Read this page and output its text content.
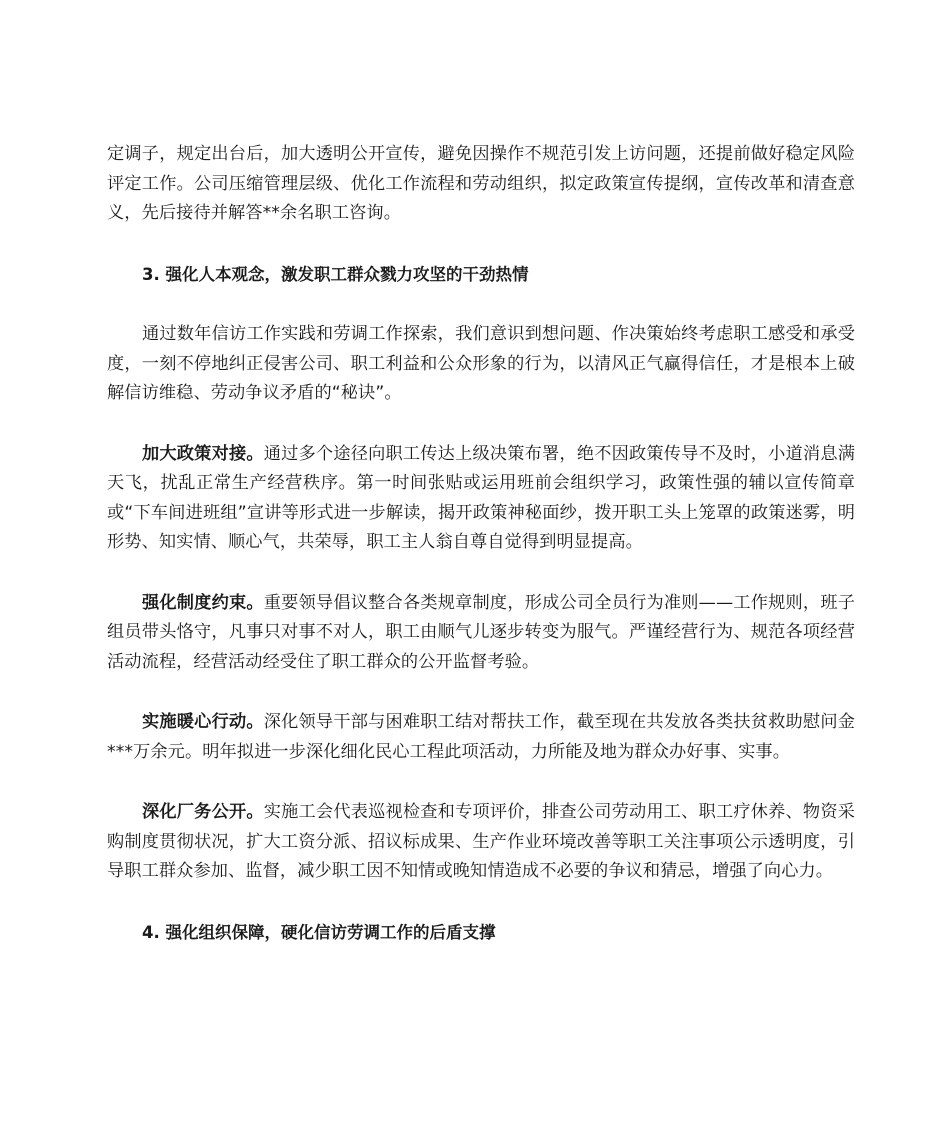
定调子，规定出台后，加大透明公开宣传，避免因操作不规范引发上访问题，还提前做好稳定风险评定工作。公司压缩管理层级、优化工作流程和劳动组织，拟定政策宣传提纲，宣传改革和清查意义，先后接待并解答**余名职工咨询。

3. 强化人本观念，激发职工群众戮力攻坚的干劲热情

通过数年信访工作实践和劳调工作探索，我们意识到想问题、作决策始终考虑职工感受和承受度，一刻不停地纠正侵害公司、职工利益和公众形象的行为，以清风正气赢得信任，才是根本上破解信访维稳、劳动争议矛盾的“秘诀”。

加大政策对接。通过多个途径向职工传达上级决策布署，绝不因政策传导不及时，小道消息满天飞，扰乱正常生产经营秩序。第一时间张贴或运用班前会组织学习，政策性强的辅以宣传简章或“下车间进班组”宣讲等形式进一步解读，揭开政策神秘面纱，拨开职工头上笼罩的政策迷雾，明形势、知实情、顺心气，共荣辱，职工主人翁自尊自觉得到明显提高。

强化制度约束。重要领导倡议整合各类规章制度，形成公司全员行为准则——工作规则，班子组员带头恪守，凡事只对事不对人，职工由顺气儿逐步转变为服气。严谨经营行为、规范各项经营活动流程，经营活动经受住了职工群众的公开监督考验。

实施暖心行动。深化领导干部与困难职工结对帮扶工作，截至现在共发放各类扶贫救助慰问金***万余元。明年拟进一步深化细化民心工程此项活动，力所能及地为群众办好事、实事。

深化厂务公开。实施工会代表巡视检查和专项评价，排查公司劳动用工、职工疗休养、物资采购制度贯彻状况，扩大工资分派、招议标成果、生产作业环境改善等职工关注事项公示透明度，引导职工群众参加、监督，减少职工因不知情或晚知情造成不必要的争议和猜忌，增强了向心力。

4. 强化组织保障，硬化信访劳调工作的后盾支撑
